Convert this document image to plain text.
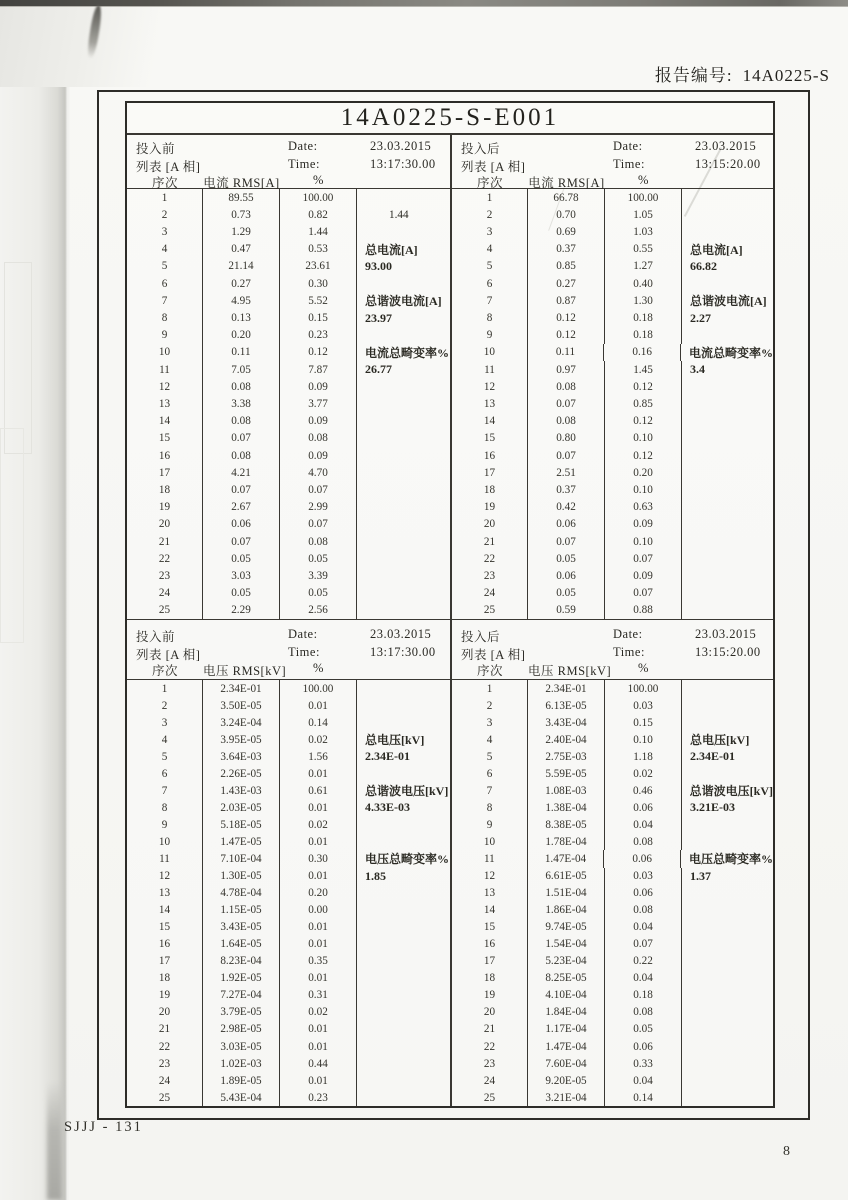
报告编号: 14A0225-S
14A0225-S-E001
投入前	Date:	23.03.2015
列表 [A 相]	Time:	13:17:30.00
序次	电流 RMS[A]	%
1	89.55	100.00
2	0.73	0.82	1.44
3	1.29	1.44
4	0.47	0.53	总电流[A]
5	21.14	23.61	93.00
6	0.27	0.30
7	4.95	5.52	总谐波电流[A]
8	0.13	0.15	23.97
9	0.20	0.23
10	0.11	0.12	电流总畸变率%
11	7.05	7.87	26.77
12	0.08	0.09
13	3.38	3.77
14	0.08	0.09
15	0.07	0.08
16	0.08	0.09
17	4.21	4.70
18	0.07	0.07
19	2.67	2.99
20	0.06	0.07
21	0.07	0.08
22	0.05	0.05
23	3.03	3.39
24	0.05	0.05
25	2.29	2.56
投入后	Date:	23.03.2015
列表 [A 相]	Time:	13:15:20.00
序次	电流 RMS[A]	%
1	66.78	100.00
2	0.70	1.05
3	0.69	1.03
4	0.37	0.55	总电流[A]
5	0.85	1.27	66.82
6	0.27	0.40
7	0.87	1.30	总谐波电流[A]
8	0.12	0.18	2.27
9	0.12	0.18
10	0.11	0.16	电流总畸变率%
11	0.97	1.45	3.4
12	0.08	0.12
13	0.07	0.85
14	0.08	0.12
15	0.80	0.10
16	0.07	0.12
17	2.51	0.20
18	0.37	0.10
19	0.42	0.63
20	0.06	0.09
21	0.07	0.10
22	0.05	0.07
23	0.06	0.09
24	0.05	0.07
25	0.59	0.88
投入前	Date:	23.03.2015
列表 [A 相]	Time:	13:17:30.00
序次	电压 RMS[kV]	%
1	2.34E-01	100.00
2	3.50E-05	0.01
3	3.24E-04	0.14
4	3.95E-05	0.02	总电压[kV]
5	3.64E-03	1.56	2.34E-01
6	2.26E-05	0.01
7	1.43E-03	0.61	总谐波电压[kV]
8	2.03E-05	0.01	4.33E-03
9	5.18E-05	0.02
10	1.47E-05	0.01
11	7.10E-04	0.30	电压总畸变率%
12	1.30E-05	0.01	1.85
13	4.78E-04	0.20
14	1.15E-05	0.00
15	3.43E-05	0.01
16	1.64E-05	0.01
17	8.23E-04	0.35
18	1.92E-05	0.01
19	7.27E-04	0.31
20	3.79E-05	0.02
21	2.98E-05	0.01
22	3.03E-05	0.01
23	1.02E-03	0.44
24	1.89E-05	0.01
25	5.43E-04	0.23
投入后	Date:	23.03.2015
列表 [A 相]	Time:	13:15:20.00
序次	电压 RMS[kV]	%
1	2.34E-01	100.00
2	6.13E-05	0.03
3	3.43E-04	0.15
4	2.40E-04	0.10	总电压[kV]
5	2.75E-03	1.18	2.34E-01
6	5.59E-05	0.02
7	1.08E-03	0.46	总谐波电压[kV]
8	1.38E-04	0.06	3.21E-03
9	8.38E-05	0.04
10	1.78E-04	0.08
11	1.47E-04	0.06	电压总畸变率%
12	6.61E-05	0.03	1.37
13	1.51E-04	0.06
14	1.86E-04	0.08
15	9.74E-05	0.04
16	1.54E-04	0.07
17	5.23E-04	0.22
18	8.25E-05	0.04
19	4.10E-04	0.18
20	1.84E-04	0.08
21	1.17E-04	0.05
22	1.47E-04	0.06
23	7.60E-04	0.33
24	9.20E-05	0.04
25	3.21E-04	0.14
SJJJ - 131
8
